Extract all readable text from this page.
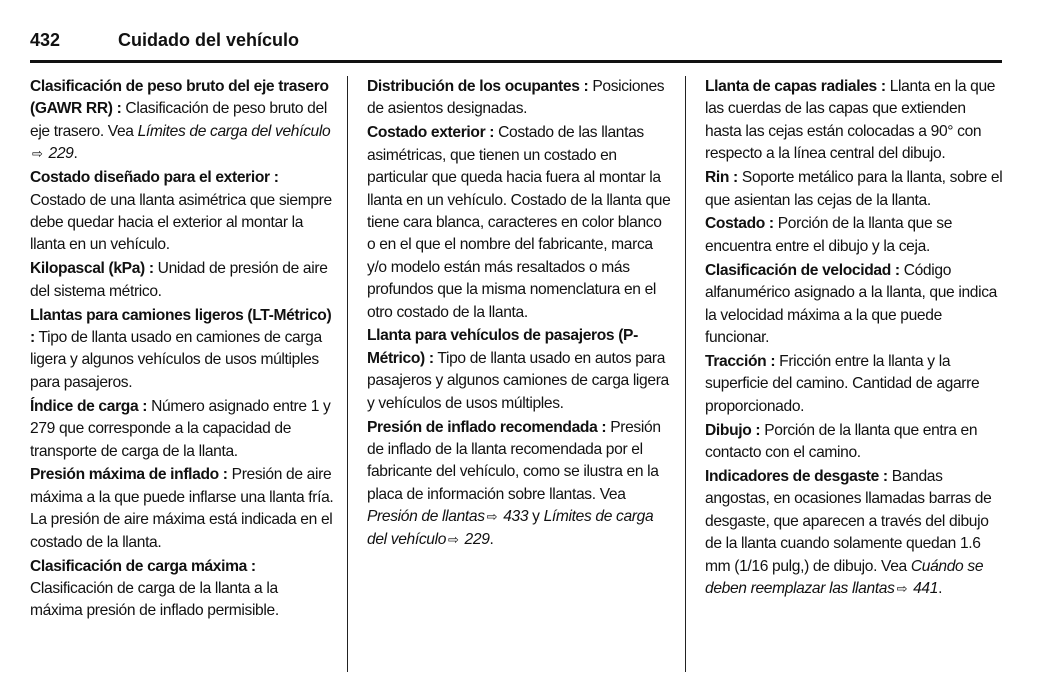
432	Cuidado del vehículo

Clasificación de peso bruto del eje trasero (GAWR RR) : Clasificación de peso bruto del eje trasero. Vea Límites de carga del vehículo⇨ 229.

Costado diseñado para el exterior : Costado de una llanta asimétrica que siempre debe quedar hacia el exterior al montar la llanta en un vehículo.

Kilopascal (kPa) : Unidad de presión de aire del sistema métrico.

Llantas para camiones ligeros (LT-Métrico) : Tipo de llanta usado en camiones de carga ligera y algunos vehículos de usos múltiples para pasajeros.

Índice de carga : Número asignado entre 1 y 279 que corresponde a la capacidad de transporte de carga de la llanta.

Presión máxima de inflado : Presión de aire máxima a la que puede inflarse una llanta fría. La presión de aire máxima está indicada en el costado de la llanta.

Clasificación de carga máxima : Clasificación de carga de la llanta a la máxima presión de inflado permisible.

Distribución de los ocupantes : Posiciones de asientos designadas.

Costado exterior : Costado de las llantas asimétricas, que tienen un costado en particular que queda hacia fuera al montar la llanta en un vehículo. Costado de la llanta que tiene cara blanca, caracteres en color blanco o en el que el nombre del fabricante, marca y/o modelo están más resaltados o más profundos que la misma nomenclatura en el otro costado de la llanta.

Llanta para vehículos de pasajeros (P-Métrico) : Tipo de llanta usado en autos para pasajeros y algunos camiones de carga ligera y vehículos de usos múltiples.

Presión de inflado recomendada : Presión de inflado de la llanta recomendada por el fabricante del vehículo, como se ilustra en la placa de información sobre llantas. Vea Presión de llantas ⇨ 433 y Límites de carga del vehículo ⇨ 229.

Llanta de capas radiales : Llanta en la que las cuerdas de las capas que extienden hasta las cejas están colocadas a 90° con respecto a la línea central del dibujo.

Rin : Soporte metálico para la llanta, sobre el que asientan las cejas de la llanta.

Costado : Porción de la llanta que se encuentra entre el dibujo y la ceja.

Clasificación de velocidad : Código alfanumérico asignado a la llanta, que indica la velocidad máxima a la que puede funcionar.

Tracción : Fricción entre la llanta y la superficie del camino. Cantidad de agarre proporcionado.

Dibujo : Porción de la llanta que entra en contacto con el camino.

Indicadores de desgaste : Bandas angostas, en ocasiones llamadas barras de desgaste, que aparecen a través del dibujo de la llanta cuando solamente quedan 1.6 mm (1/16 pulg,) de dibujo. Vea Cuándo se deben reemplazar las llantas ⇨ 441.
